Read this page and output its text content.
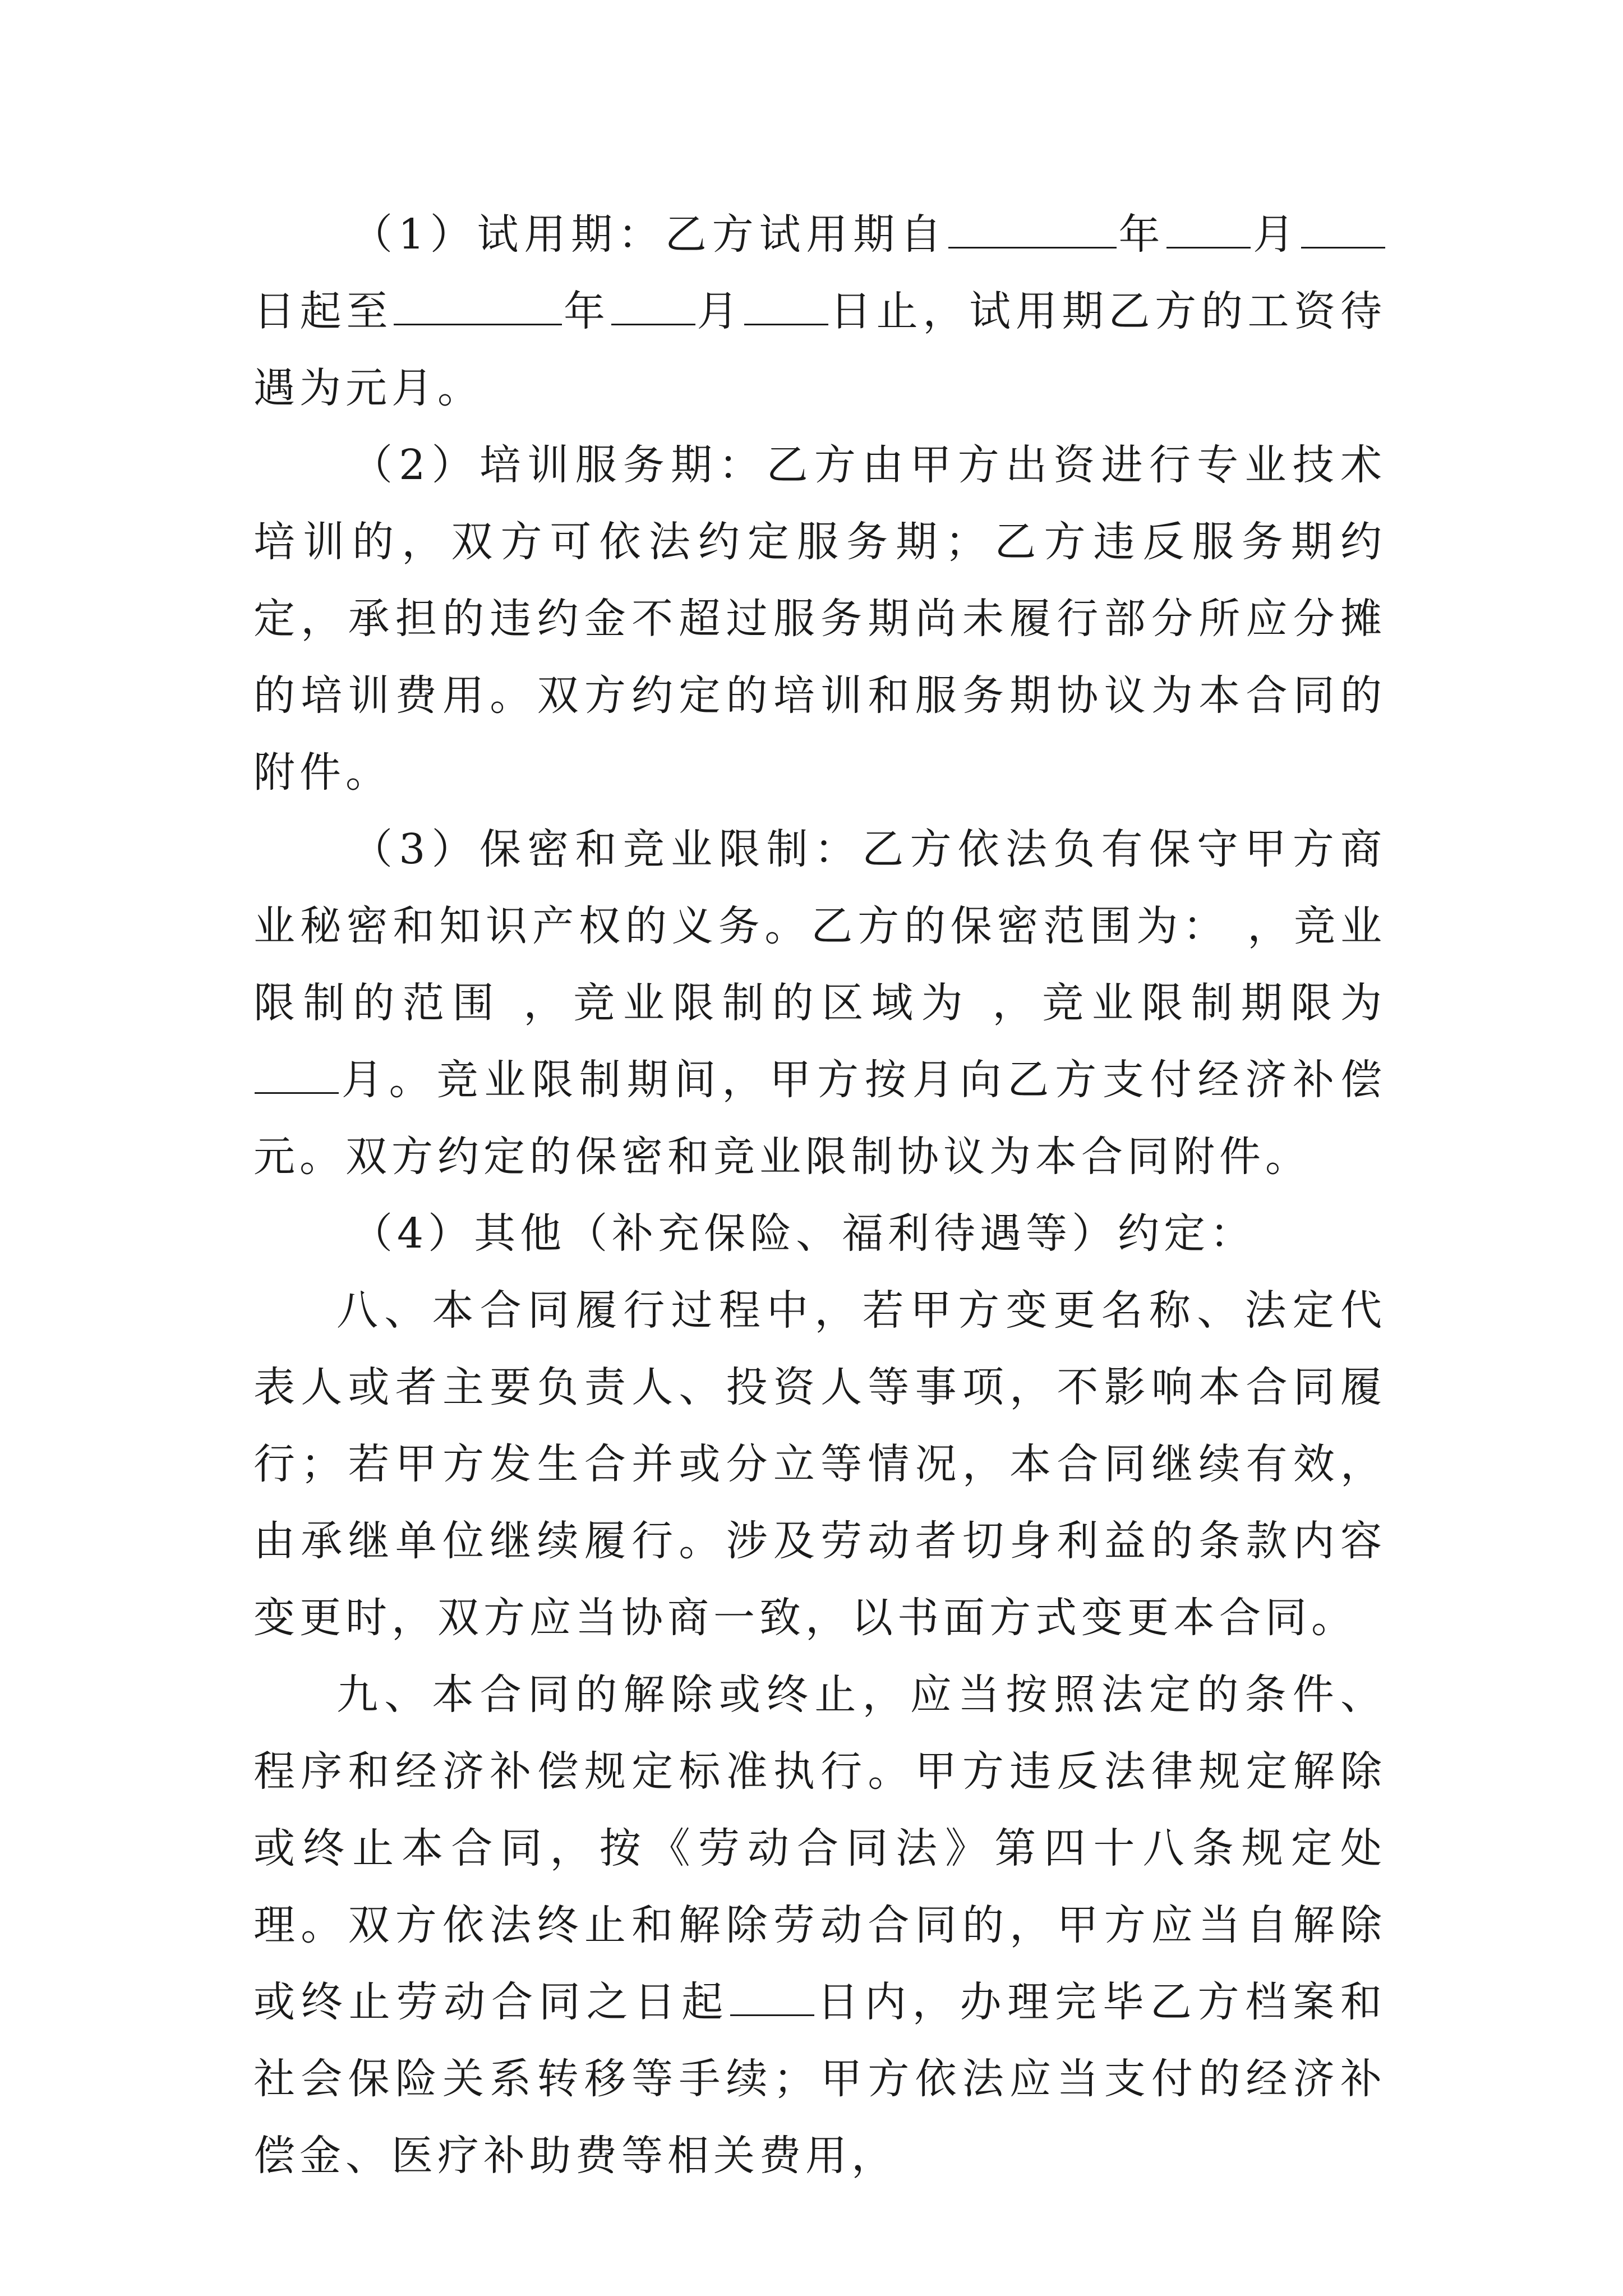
（1）试用期：乙方试用期自	年 月日起至	年 月 日止，试用期乙方的工资待遇为元月。

（2）培训服务期：乙方由甲方出资进行专业技术培训的，双方可依法约定服务期；乙方违反服务期约定，承担的违约金不超过服务期尚未履行部分所应分摊的培训费用。双方约定的培训和服务期协议为本合同的附件。

（3）保密和竞业限制：乙方依法负有保守甲方商业秘密和知识产权的义务。乙方的保密范围为： ，竞业限制的范围 ，竞业限制的区域为 ，竞业限制期限为月。竞业限制期间，甲方按月向乙方支付经济补偿 元。双方约定的保密和竞业限制协议为本合同附件。

（4）其他（补充保险、福利待遇等）约定：

八、本合同履行过程中，若甲方变更名称、法定代表人或者主要负责人、投资人等事项，不影响本合同履行；若甲方发生合并或分立等情况，本合同继续有效，由承继单位继续履行。涉及劳动者切身利益的条款内容变更时，双方应当协商一致，以书面方式变更本合同。

九、本合同的解除或终止，应当按照法定的条件、程序和经济补偿规定标准执行。甲方违反法律规定解除或终止本合同，按《劳动合同法》第四十八条规定处理。双方依法终止和解除劳动合同的，甲方应当自解除或终止劳动合同之日起 日内，办理完毕乙方档案和社会保险关系转移等手续；甲方依法应当支付的经济补偿金、医疗补助费等相关费用，
